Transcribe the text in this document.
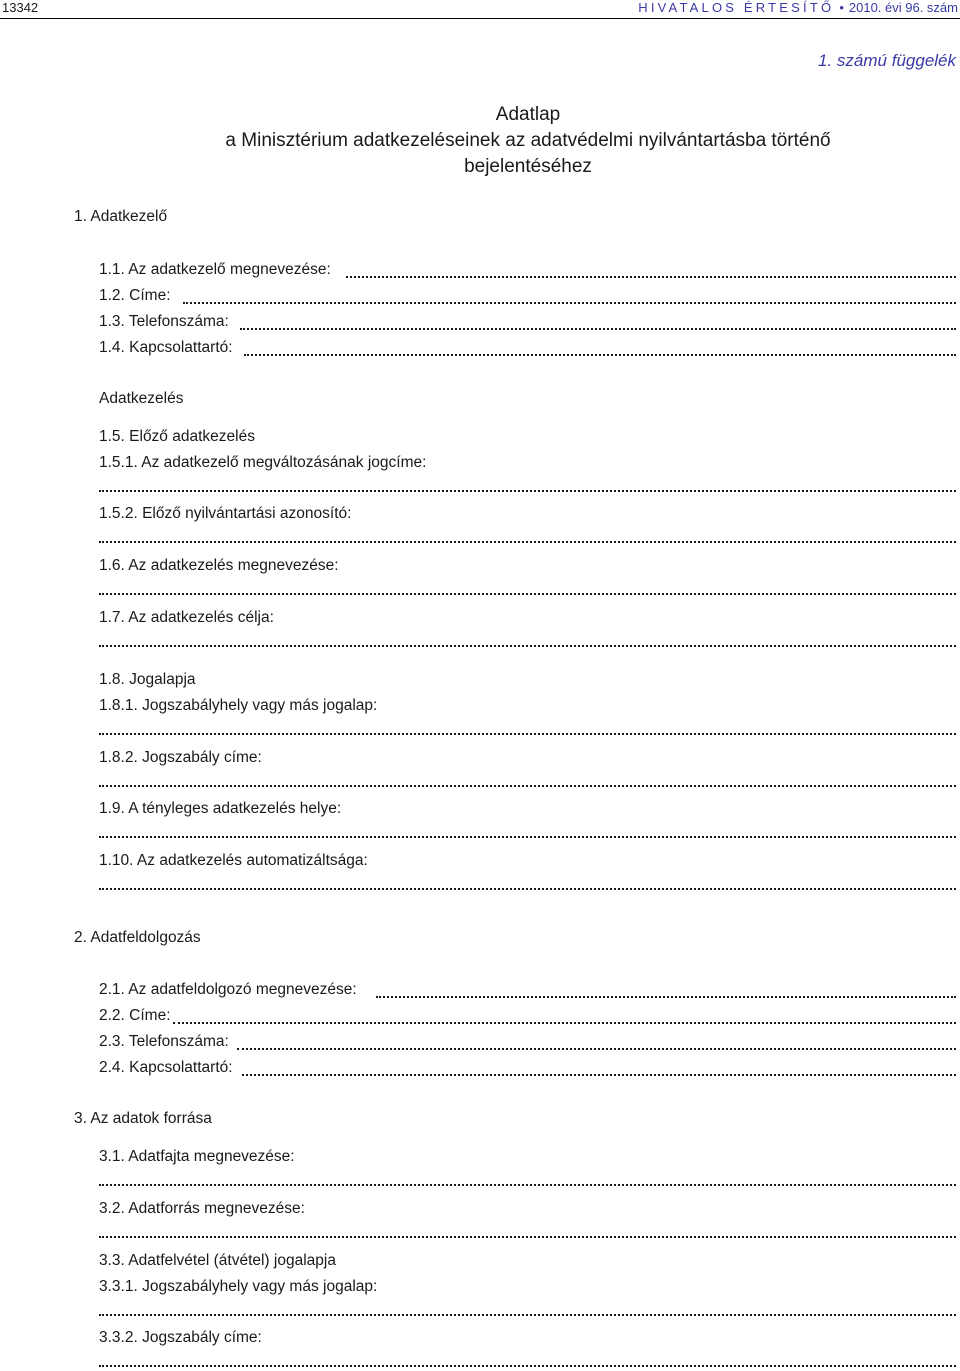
13342	HIVATALOS ÉRTESÍTŐ • 2010. évi 96. szám
1. számú függelék
Adatlap
a Minisztérium adatkezeléseinek az adatvédelmi nyilvántartásba történő
bejelentéséhez
1. Adatkezelő
1.1. Az adatkezelő megnevezése:
1.2. Címe:
1.3. Telefonszáma:
1.4. Kapcsolattartó:
Adatkezelés
1.5. Előző adatkezelés
1.5.1. Az adatkezelő megváltozásának jogcíme:
1.5.2. Előző nyilvántartási azonosító:
1.6. Az adatkezelés megnevezése:
1.7. Az adatkezelés célja:
1.8. Jogalapja
1.8.1. Jogszabályhely vagy más jogalap:
1.8.2. Jogszabály címe:
1.9. A tényleges adatkezelés helye:
1.10. Az adatkezelés automatizáltsága:
2. Adatfeldolgozás
2.1. Az adatfeldolgozó megnevezése:
2.2. Címe:
2.3. Telefonszáma:
2.4. Kapcsolattartó:
3. Az adatok forrása
3.1. Adatfajta megnevezése:
3.2. Adatforrás megnevezése:
3.3. Adatfelvétel (átvétel) jogalapja
3.3.1. Jogszabályhely vagy más jogalap:
3.3.2. Jogszabály címe:
